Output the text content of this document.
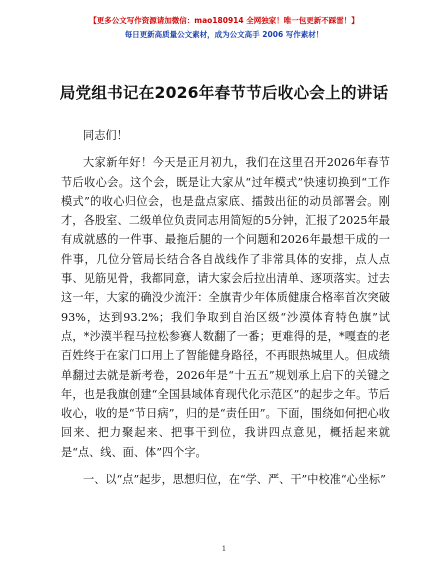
【更多公文写作资源请加微信：mao180914 全网独家！唯一包更新不踩雷！】
每日更新高质量公文素材，成为公文高手 2006 写作素材！
局党组书记在2026年春节节后收心会上的讲话

同志们！

大家新年好！今天是正月初九，我们在这里召开2026年春节节后收心会。这个会，既是让大家从“过年模式”快速切换到“工作模式”的收心归位会，也是盘点家底、擂鼓出征的动员部署会。刚才，各股室、二级单位负责同志用简短的5分钟，汇报了2025年最有成就感的一件事、最拖后腿的一个问题和2026年最想干成的一件事，几位分管局长结合各自战线作了非常具体的安排，点人点事、见筋见骨，我都同意，请大家会后拉出清单、逐项落实。过去这一年，大家的确没少流汗：全旗青少年体质健康合格率首次突破93%，达到93.2%；我们争取到自治区级“沙漠体育特色旗”试点，*沙漠半程马拉松参赛人数翻了一番；更难得的是，*嘎查的老百姓终于在家门口用上了智能健身路径，不再眼热城里人。但成绩单翻过去就是新考卷，2026年是“十五五”规划承上启下的关键之年，也是我旗创建“全国县域体育现代化示范区”的起步之年。节后收心，收的是“节日病”，归的是“责任田”。下面，围绕如何把心收回来、把力聚起来、把事干到位，我讲四点意见，概括起来就是“点、线、面、体”四个字。

一、以“点”起步，思想归位，在“学、严、干”中校准“心坐标”

1
